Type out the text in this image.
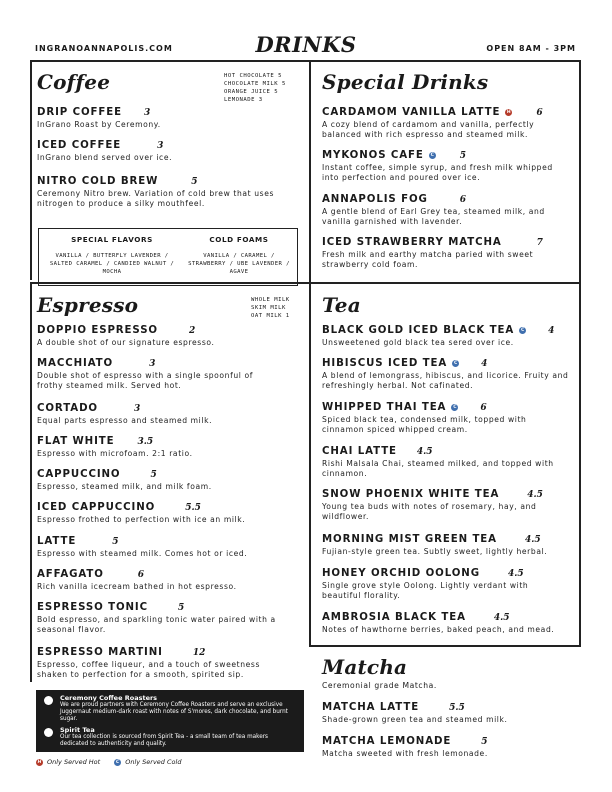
INGRANOANNAPOLIS.COM	DRINKS	OPEN 8AM - 3PM
Coffee	HOT CHOCOLATE 5
CHOCOLATE MILK 5
ORANGE JUICE 5
LEMONADE 3
DRIP COFFEE 3
InGrano Roast by Ceremony.
ICED COFFEE	3
InGrano blend served over ice.
NITRO COLD BREW	5
Ceremony Nitro brew. Variation of cold brew that uses nitrogen to produce a silky mouthfeel.
SPECIAL FLAVORS
VANILLA / BUTTERFLY LAVENDER / SALTED CARAMEL / CANDIED WALNUT / MOCHA
COLD FOAMS
VANILLA / CARAMEL / STRAWBERRY / UBE LAVENDER / AGAVE
Espresso	WHOLE MILK
SKIM MILK
OAT MILK 1
DOPPIO ESPRESSO	2
A double shot of our signature espresso.
MACCHIATO	3
Double shot of espresso with a single spoonful of frothy steamed milk. Served hot.
CORTADO	3
Equal parts espresso and steamed milk.
FLAT WHITE	3.5
Espresso with microfoam. 2:1 ratio.
CAPPUCCINO	5
Espresso, steamed milk, and milk foam.
ICED CAPPUCCINO	5.5
Espresso frothed to perfection with ice an milk.
LATTE	5
Espresso with steamed milk. Comes hot or iced.
AFFAGATO	6
Rich vanilla icecream bathed in hot espresso.
ESPRESSO TONIC	5
Bold espresso, and sparkling tonic water paired with a seasonal flavor.
ESPRESSO MARTINI	12
Espresso, coffee liqueur, and a touch of sweetness shaken to perfection for a smooth, spirited sip.
Special Drinks
CARDAMOM VANILLA LATTE	H	6
A cozy blend of cardamom and vanilla, perfectly balanced with rich espresso and steamed milk.
MYKONOS CAFE	C	5
Instant coffee, simple syrup, and fresh milk whipped into perfection and poured over ice.
ANNAPOLIS FOG	6
A gentle blend of Earl Grey tea, steamed milk, and vanilla garnished with lavender.
ICED STRAWBERRY MATCHA	7
Fresh milk and earthy matcha paried with sweet strawberry cold foam.
Tea
BLACK GOLD ICED BLACK TEA	C	4
Unsweetened gold black tea sered over ice.
HIBISCUS ICED TEA	C	4
A blend of lemongrass, hibiscus, and licorice. Fruity and refreshingly herbal. Not cafinated.
WHIPPED THAI TEA	C	6
Spiced black tea, condensed milk, topped with cinnamon spiced whipped cream.
CHAI LATTE 4.5
Rishi Malsala Chai, steamed milked, and topped with cinnamon.
SNOW PHOENIX WHITE TEA	4.5
Young tea buds with notes of rosemary, hay, and wildflower.
MORNING MIST GREEN TEA	4.5
Fujian-style green tea. Subtly sweet, lightly herbal.
HONEY ORCHID OOLONG	4.5
Single grove style Oolong. Lightly verdant with beautiful florality.
AMBROSIA BLACK TEA	4.5
Notes of hawthorne berries, baked peach, and mead.
Matcha
Ceremonial grade Matcha.
MATCHA LATTE	5.5
Shade-grown green tea and steamed milk.
MATCHA LEMONADE	5
Matcha sweeted with fresh lemonade.
Ceremony Coffee Roasters
We are proud partners with Ceremony Coffee Roasters and serve an exclusive Juggernaut medium-dark roast with notes of S'mores, dark chocolate, and burnt sugar.
Spirit Tea
Our tea collection is sourced from Spirit Tea - a small team of tea makers dedicated to authenticity and quality.
H Only Served Hot	C Only Served Cold
